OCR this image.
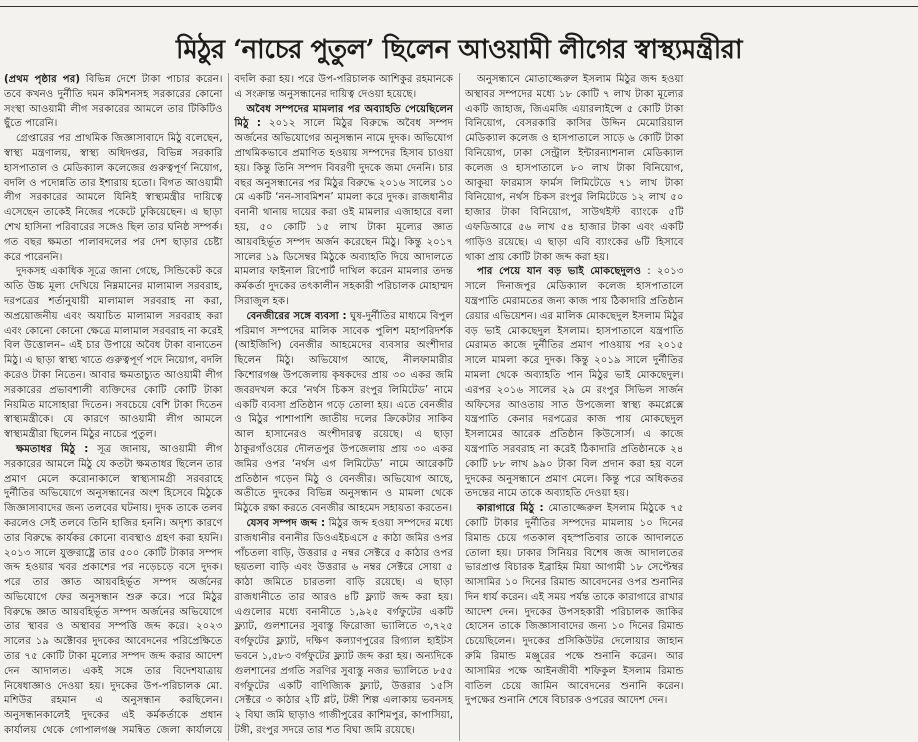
মিঠুর ‘নাচের পুতুল’ ছিলেন আওয়ামী লীগের স্বাস্থ্যমন্ত্রীরা

(প্রথম পৃষ্ঠার পর) বিভিন্ন দেশে টাকা পাচার করেন। তবে কখনও দুর্নীতি দমন কমিশনসহ সরকারের কোনো সংস্থা আওয়ামী লীগ সরকারের আমলে তার টিকিটিও ছুঁতে পারেনি।

গ্রেপ্তারের পর প্রাথমিক জিজ্ঞাসাবাদে মিঠু বলেছেন, স্বাস্থ্য মন্ত্রণালয়, স্বাস্থ্য অধিদপ্তর, বিভিন্ন সরকারি হাসপাতাল ও মেডিক্যাল কলেজের গুরুত্বপূর্ণ নিয়োগ, বদলি ও পদোন্নতি তার ইশারায় হতো। বিগত আওয়ামী লীগ সরকারের আমলে যিনিই স্বাস্থ্যমন্ত্রীর দায়িত্বে এসেছেন তাকেই নিজের পকেটে ঢুকিয়েছেন। এ ছাড়া শেখ হাসিনা পরিবারের সঙ্গেও ছিল তার ঘনিষ্ঠ সম্পর্ক। গত বছর ক্ষমতা পালাবদলের পর দেশ ছাড়ার চেষ্টা করে পারেননি।

দুদকসহ একাধিক সূত্রে জানা গেছে, সিন্ডিকেট করে অতি উচ্চ মূল্য দেখিয়ে নিম্নমানের মালামাল সরবরাহ, দরপত্রের শর্তানুযায়ী মালামাল সরবরাহ না করা, অপ্রয়োজনীয় এবং অযাচিত মালামাল সরবরাহ করা এবং কোনো কোনো ক্ষেত্রে মালামাল সরবরাহ না করেই বিল উত্তোলন– এই চার উপায়ে অবৈধ টাকা বানাতেন মিঠু। এ ছাড়া স্বাস্থ্য খাতে গুরুত্বপূর্ণ পদে নিয়োগ, বদলি করেও টাকা নিতেন। আবার ক্ষমতাচ্যুত আওয়ামী লীগ সরকারের প্রভাবশালী ব্যক্তিদের কোটি কোটি টাকা নিয়মিত মাসোহারা দিতেন। সবচেয়ে বেশি টাকা দিতেন স্বাস্থ্যমন্ত্রীকে। যে কারণে আওয়ামী লীগ আমলে স্বাস্থ্যমন্ত্রীরা ছিলেন মিঠুর নাচের পুতুল।

ক্ষমতাধর মিঠু : সূত্র জানায়, আওয়ামী লীগ সরকারের আমলে মিঠু যে কতটা ক্ষমতাধর ছিলেন তার প্রমাণ মেলে করোনাকালে স্বাস্থ্যসামগ্রী সরবরাহে দুর্নীতির অভিযোগে অনুসন্ধানের অংশ হিসেবে মিঠুকে জিজ্ঞাসাবাদের জন্য তলবের ঘটনায়। দুদক তাকে তলব করলেও সেই তলবে তিনি হাজির হননি। অদৃশ্য কারণে তার বিরুদ্ধে কার্যকর কোনো ব্যবস্থাও গ্রহণ করা হয়নি। ২০১৩ সালে যুক্তরাষ্ট্রে তার ৫০০ কোটি টাকার সম্পদ জব্দ হওয়ার খবর প্রকাশের পর নড়েচড়ে বসে দুদক। পরে তার জ্ঞাত আয়বহির্ভূত সম্পদ অর্জনের অভিযোগে ফের অনুসন্ধান শুরু করে। পরে মিঠুর বিরুদ্ধে জ্ঞাত আয়বহির্ভূত সম্পদ অর্জনের অভিযোগে তার স্থাবর ও অস্থাবর সম্পত্তি জব্দ করে। ২০২৩ সালের ১৯ অক্টোবর দুদকের আবেদনের পরিপ্রেক্ষিতে তার ৭৫ কোটি টাকা মূল্যের সম্পদ জব্দ করার আদেশ দেন আদালত। একই সঙ্গে তার বিদেশযাত্রায় নিষেধাজ্ঞাও দেওয়া হয়। দুদকের উপ-পরিচালক মো. মশিউর রহমান এ অনুসন্ধান করছিলেন। অনুসন্ধানকালেই দুদকের এই কর্মকর্তাকে প্রধান কার্যালয় থেকে গোপালগঞ্জ সমন্বিত জেলা কার্যালয়ে বদলি করা হয়। পরে উপ-পরিচালক আশিকুর রহমানকে এ সংক্রান্ত অনুসন্ধানের দায়িত্ব দেওয়া হয়েছে।

অবৈধ সম্পদের মামলার পর অব্যাহতি পেয়েছিলেন মিঠু : ২০১২ সালে মিঠুর বিরুদ্ধে অবৈধ সম্পদ অর্জনের অভিযোগের অনুসন্ধান নামে দুদক। অভিযোগ প্রাথমিকভাবে প্রমাণিত হওয়ায় সম্পদের হিসাব চাওয়া হয়। কিন্তু তিনি সম্পদ বিবরণী দুদকে জমা দেননি। চার বছর অনুসন্ধানের পর মিঠুর বিরুদ্ধে ২০১৬ সালের ১০ মে একটি ‘নন-সাবমিশন’ মামলা করে দুদক। রাজধানীর বনানী থানায় দায়ের করা ওই মামলার এজাহারে বলা হয়, ৫০ কোটি ১৫ লাখ টাকা মূল্যের জ্ঞাত আয়বহির্ভূত সম্পদ অর্জন করেছেন মিঠু। কিন্তু ২০১৭ সালের ১৯ ডিসেম্বর মিঠুকে অব্যাহতি দিয়ে আদালতে মামলার ফাইনাল রিপোর্ট দাখিল করেন মামলার তদন্ত কর্মকর্তা দুদকের তৎকালীন সহকারী পরিচালক মোহাম্মদ সিরাজুল হক।

বেনজীরের সঙ্গে ব্যবসা : ঘুষ-দুর্নীতির মাধ্যমে বিপুল পরিমাণ সম্পদের মালিক সাবেক পুলিশ মহাপরিদর্শক (আইজিপি) বেনজীর আহমেদের ব্যবসার অংশীদার ছিলেন মিঠু। অভিযোগ আছে, নীলফামারীর কিশোরগঞ্জ উপজেলায় কৃষকদের প্রায় ৩০ একর জমি জবরদখল করে ‘নর্থস চিকস রংপুর লিমিটেড’ নামে একটি ব্যবসা প্রতিষ্ঠান গড়ে তোলা হয়। এতে বেনজীর ও মিঠুর পাশাপাশি জাতীয় দলের ক্রিকেটার সাকিব আল হাসানেরও অংশীদারত্ব রয়েছে। এ ছাড়া ঠাকুরগাঁওয়ের দৌলতপুর উপজেলায় প্রায় ৩০ একর জমির ওপর ‘নর্থস এগ লিমিটেড’ নামে আরেকটি প্রতিষ্ঠান গড়েন মিঠু ও বেনজীর। অভিযোগ আছে, অতীতে দুদকের বিভিন্ন অনুসন্ধান ও মামলা থেকে মিঠুকে রক্ষা করতে বেনজীর আহমেদ সহায়তা করতেন।

যেসব সম্পদ জব্দ : মিঠুর জব্দ হওয়া সম্পদের মধ্যে রাজধানীর বনানীর ডিওএইচএসে ৫ কাঠা জমির ওপর পাঁচতলা বাড়ি, উত্তরার ৫ নম্বর সেক্টরে ৫ কাঠার ওপর ছয়তলা বাড়ি এবং উত্তরার ৬ নম্বর সেক্টরে সোয়া ৫ কাঠা জমিতে চারতলা বাড়ি রয়েছে। এ ছাড়া রাজধানীতে তার আরও ৪টি ফ্ল্যাট জব্দ করা হয়। এগুলোর মধ্যে বনানীতে ১,৯২৫ বর্গফুটের একটি ফ্ল্যাট, গুলশানের সুবাস্তু ফিরোজা ভ্যালিতে ৩,৭২৫ বর্গফুটের ফ্ল্যাট, দক্ষিণ কল্যাণপুরের রিগ্যাল হাইটস ভবনে ১,৫৮৩ বর্গফুটের ফ্ল্যাট জব্দ করা হয়। অন্যদিকে গুলশানের প্রগতি সরণির সুবাস্তু নজর ভ্যালিতে ৮৫৫ বর্গফুটের একটি বাণিজ্যিক ফ্ল্যাট, উত্তরার ১৫সি সেক্টরে ৩ কাঠার ২টি প্লট, টঙ্গী শিল্প এলাকায় ভবনসহ ২ বিঘা জমি ছাড়াও গাজীপুরের কাশিমপুর, কাপাসিয়া, টঙ্গী, রংপুর সদরে তার শত বিঘা জমি রয়েছে।

অনুসন্ধানে মোতাজ্জেরুল ইসলাম মিঠুর জব্দ হওয়া অস্থাবর সম্পদের মধ্যে ১৮ কোটি ৭ লাখ টাকা মূল্যের একটি জাহাজ, জিএমজি এয়ারলাইন্সে ৫ কোটি টাকা বিনিয়োগ, বেসরকারি কাসির উদ্দিন মেমোরিয়াল মেডিক্যাল কলেজ ও হাসপাতালে সাড়ে ৬ কোটি টাকা বিনিয়োগ, ঢাকা সেন্ট্রাল ইন্টারন্যাশনাল মেডিক্যাল কলেজ ও হাসপাতালে ৮০ লাখ টাকা বিনিয়োগ, আকুয়া ফারমাস ফার্মস লিমিটেডে ৭১ লাখ টাকা বিনিয়োগ, নর্থস চিকস রংপুর লিমিটেডে ১২ লাখ ৫০ হাজার টাকা বিনিয়োগ, সাউথইস্ট ব্যাংকে ৫টি এফডিআরে ৫৬ লাখ ৫৪ হাজার টাকা এবং একটি গাড়িও রয়েছে। এ ছাড়া এবি ব্যাংকের ৬টি হিসাবে থাকা প্রায় কোটি টাকা জব্দ করা হয়।

পার পেয়ে যান বড় ভাই মোকছেদুলও : ২০১৩ সালে দিনাজপুর মেডিক্যাল কলেজ হাসপাতালে যন্ত্রপাতি মেরামতের জন্য কাজ পায় ঠিকাদারি প্রতিষ্ঠান রেয়ার এভিয়েশন। এর মালিক মোকছেদুল ইসলাম মিঠুর বড় ভাই মোকছেদুল ইসলাম। হাসপাতালে যন্ত্রপাতি মেরামত কাজে দুর্নীতির প্রমাণ পাওয়ায় পর ২০১৫ সালে মামলা করে দুদক। কিন্তু ২০১৯ সালে দুর্নীতির মামলা থেকে অব্যাহতি পান মিঠুর ভাই মোকছেদুল। এরপর ২০১৬ সালের ২৯ মে রংপুর সিভিল সার্জন অফিসের আওতায় সাত উপজেলা স্বাস্থ্য কমপ্লেক্সে যন্ত্রপাতি কেনার দরপত্রের কাজ পায় মোকছেদুল ইসলামের আরেক প্রতিষ্ঠান কিউসোর্স। এ কাজে যন্ত্রপাতি সরবরাহ না করেই ঠিকাদারি প্রতিষ্ঠানকে ২৪ কোটি ৮৮ লাখ ৯৯০ টাকা বিল প্রদান করা হয় বলে দুদকের অনুসন্ধানে প্রমাণ মেলে। কিন্তু পরে অধিকতর তদন্তের নামে তাকে অব্যাহতি দেওয়া হয়।

কারাগারে মিঠু : মোতাজ্জেরুল ইসলাম মিঠুকে ৭৫ কোটি টাকার দুর্নীতির সম্পদের মামলায় ১০ দিনের রিমান্ড চেয়ে গতকাল বৃহস্পতিবার তাকে আদালতে তোলা হয়। ঢাকার সিনিয়র বিশেষ জজ আদালতের ভারপ্রাপ্ত বিচারক ইব্রাহিম মিয়া আগামী ১৮ সেপ্টেম্বর আসামির ১০ দিনের রিমান্ড আবেদনের ওপর শুনানির দিন ধার্য করেন। এই সময় পর্যন্ত তাকে কারাগারে রাখার আদেশ দেন। দুদকের উপসহকারী পরিচালক জাকির হোসেন তাকে জিজ্ঞাসাবাদের জন্য ১০ দিনের রিমান্ড চেয়েছিলেন। দুদকের প্রসিকিউটর দেলোয়ার জাহান রুমি রিমান্ড মঞ্জুরের পক্ষে শুনানি করেন। আর আসামির পক্ষে আইনজীবী শফিকুল ইসলাম রিমান্ড বাতিল চেয়ে জামিন আবেদনের শুনানি করেন। দুপক্ষের শুনানি শেষে বিচারক ওপরের আদেশ দেন।
